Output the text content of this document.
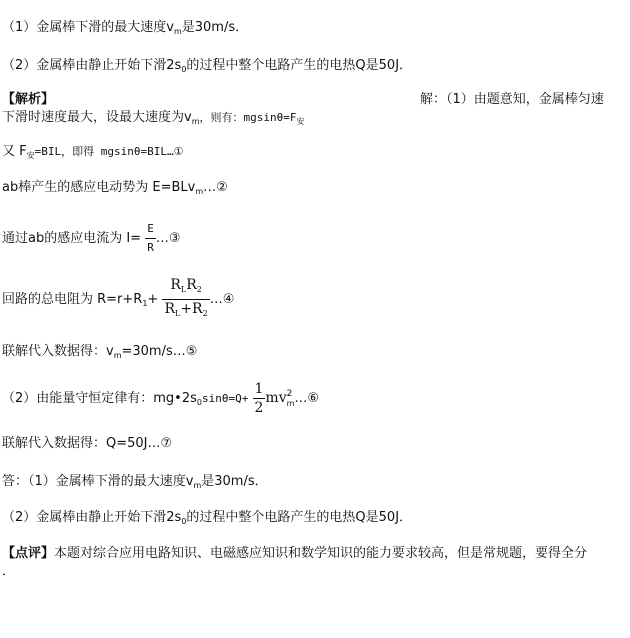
（1）金属棒下滑的最大速度$v_m$是30m/s．
（2）金属棒由静止开始下滑$2s_0$的过程中整个电路产生的电热Q是50J．
【解析】	解：（1）由题意知，金属棒匀速
下滑时速度最大，设最大速度为$v_m$，则有：$mgsin\theta=F_安$
又 $F_安=BIL$，即得 mgsinθ=BIL…①
ab棒产生的感应电动势为 E=BLv$_m$…②
通过ab的感应电流为 $I= \frac{E}{R}$ …③
回路的总电阻为 $R=r+R_1+ \frac{R_LR_2}{R_L+R_2}$ …④
联解代入数据得：$v_m=30m/s\dots ⑤$
（2）由能量守恒定律有：$mg•2s_0\sin\theta=Q+ \frac{1}{2}$ mv 2
m …⑥
联解代入数据得：Q=50J…⑦
答：（1）金属棒下滑的最大速度$v_m$是30m/s．
（2）金属棒由静止开始下滑$2s_0$的过程中整个电路产生的电热Q是50J．
【点评】本题对综合应用电路知识、电磁感应知识和数学知识的能力要求较高，但是常规题，要得全分
．
